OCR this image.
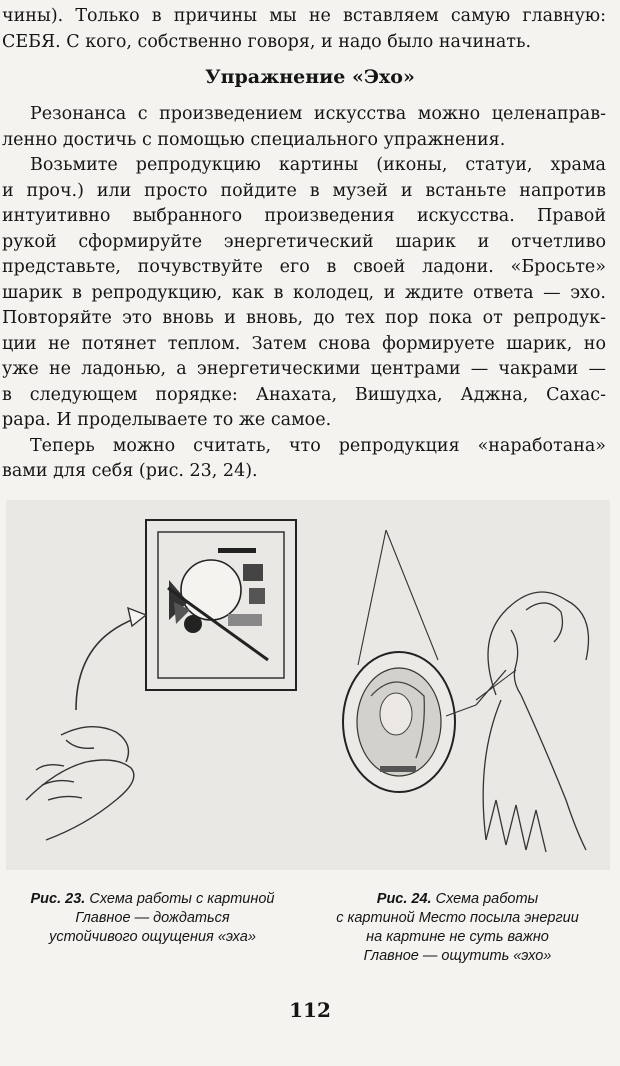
чины). Только в причины мы не вставляем самую главную:
СЕБЯ. С кого, собственно говоря, и надо было начинать.
Упражнение «Эхо»
Резонанса с произведением искусства можно целенаправ-
ленно достичь с помощью специального упражнения.
Возьмите репродукцию картины (иконы, статуи, храма
и проч.) или просто пойдите в музей и встаньте напротив
интуитивно выбранного произведения искусства. Правой
рукой сформируйте энергетический шарик и отчетливо
представьте, почувствуйте его в своей ладони. «Бросьте»
шарик в репродукцию, как в колодец, и ждите ответа — эхо.
Повторяйте это вновь и вновь, до тех пор пока от репродук-
ции не потянет теплом. Затем снова формируете шарик, но
уже не ладонью, а энергетическими центрами — чакрами —
в следующем порядке: Анахата, Вишудха, Аджна, Сахас-
рара. И проделываете то же самое.
Теперь можно считать, что репродукция «наработана»
вами для себя (рис. 23, 24).
Рис. 23. Схема работы с картиной
Главное — дождаться
устойчивого ощущения «эха»
Рис. 24. Схема работы
с картиной Место посыла энергии
на картине не суть важно
Главное — ощутить «эхо»
112
